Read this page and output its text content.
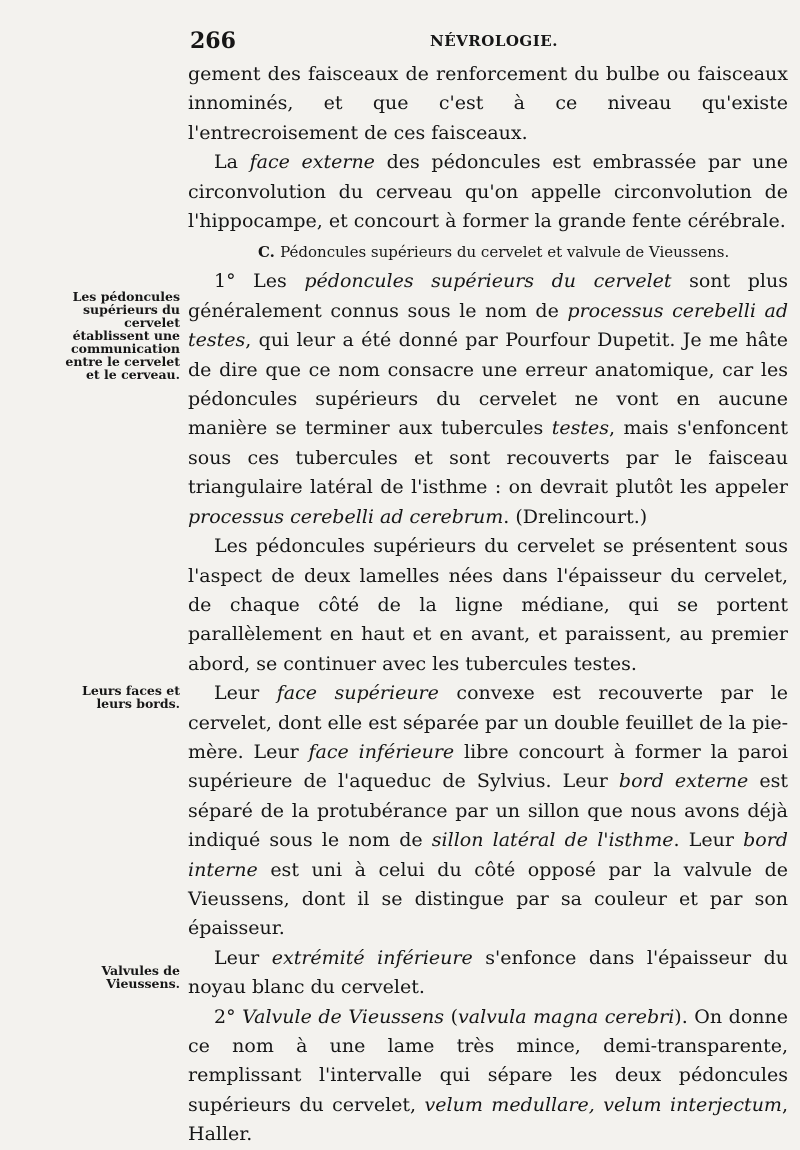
266	NÉVROLOGIE.
Les pédoncules supérieurs du cervelet établissent une communication entre le cervelet et le cerveau.
Leurs faces et leurs bords.
Valvules de Vieussens.

gement des faisceaux de renforcement du bulbe ou faisceaux innominés, et que c'est à ce niveau qu'existe l'entrecroisement de ces faisceaux.

La face externe des pédoncules est embrassée par une circonvolution du cerveau qu'on appelle circonvolution de l'hippocampe, et concourt à former la grande fente cérébrale.

C. Pédoncules supérieurs du cervelet et valvule de Vieussens.

1° Les pédoncules supérieurs du cervelet sont plus généralement connus sous le nom de processus cerebelli ad testes, qui leur a été donné par Pourfour Dupetit. Je me hâte de dire que ce nom consacre une erreur anatomique, car les pédoncules supérieurs du cervelet ne vont en aucune manière se terminer aux tubercules testes, mais s'enfoncent sous ces tubercules et sont recouverts par le faisceau triangulaire latéral de l'isthme : on devrait plutôt les appeler processus cerebelli ad cerebrum. (Drelincourt.)

Les pédoncules supérieurs du cervelet se présentent sous l'aspect de deux lamelles nées dans l'épaisseur du cervelet, de chaque côté de la ligne médiane, qui se portent parallèlement en haut et en avant, et paraissent, au premier abord, se continuer avec les tubercules testes.

Leur face supérieure convexe est recouverte par le cervelet, dont elle est séparée par un double feuillet de la pie-mère. Leur face inférieure libre concourt à former la paroi supérieure de l'aqueduc de Sylvius. Leur bord externe est séparé de la protubérance par un sillon que nous avons déjà indiqué sous le nom de sillon latéral de l'isthme. Leur bord interne est uni à celui du côté opposé par la valvule de Vieussens, dont il se distingue par sa couleur et par son épaisseur.

Leur extrémité inférieure s'enfonce dans l'épaisseur du noyau blanc du cervelet.

2° Valvule de Vieussens (valvula magna cerebri). On donne ce nom à une lame très mince, demi-transparente, remplissant l'intervalle qui sépare les deux pédoncules supérieurs du cervelet, velum medullare, velum interjectum, Haller.
